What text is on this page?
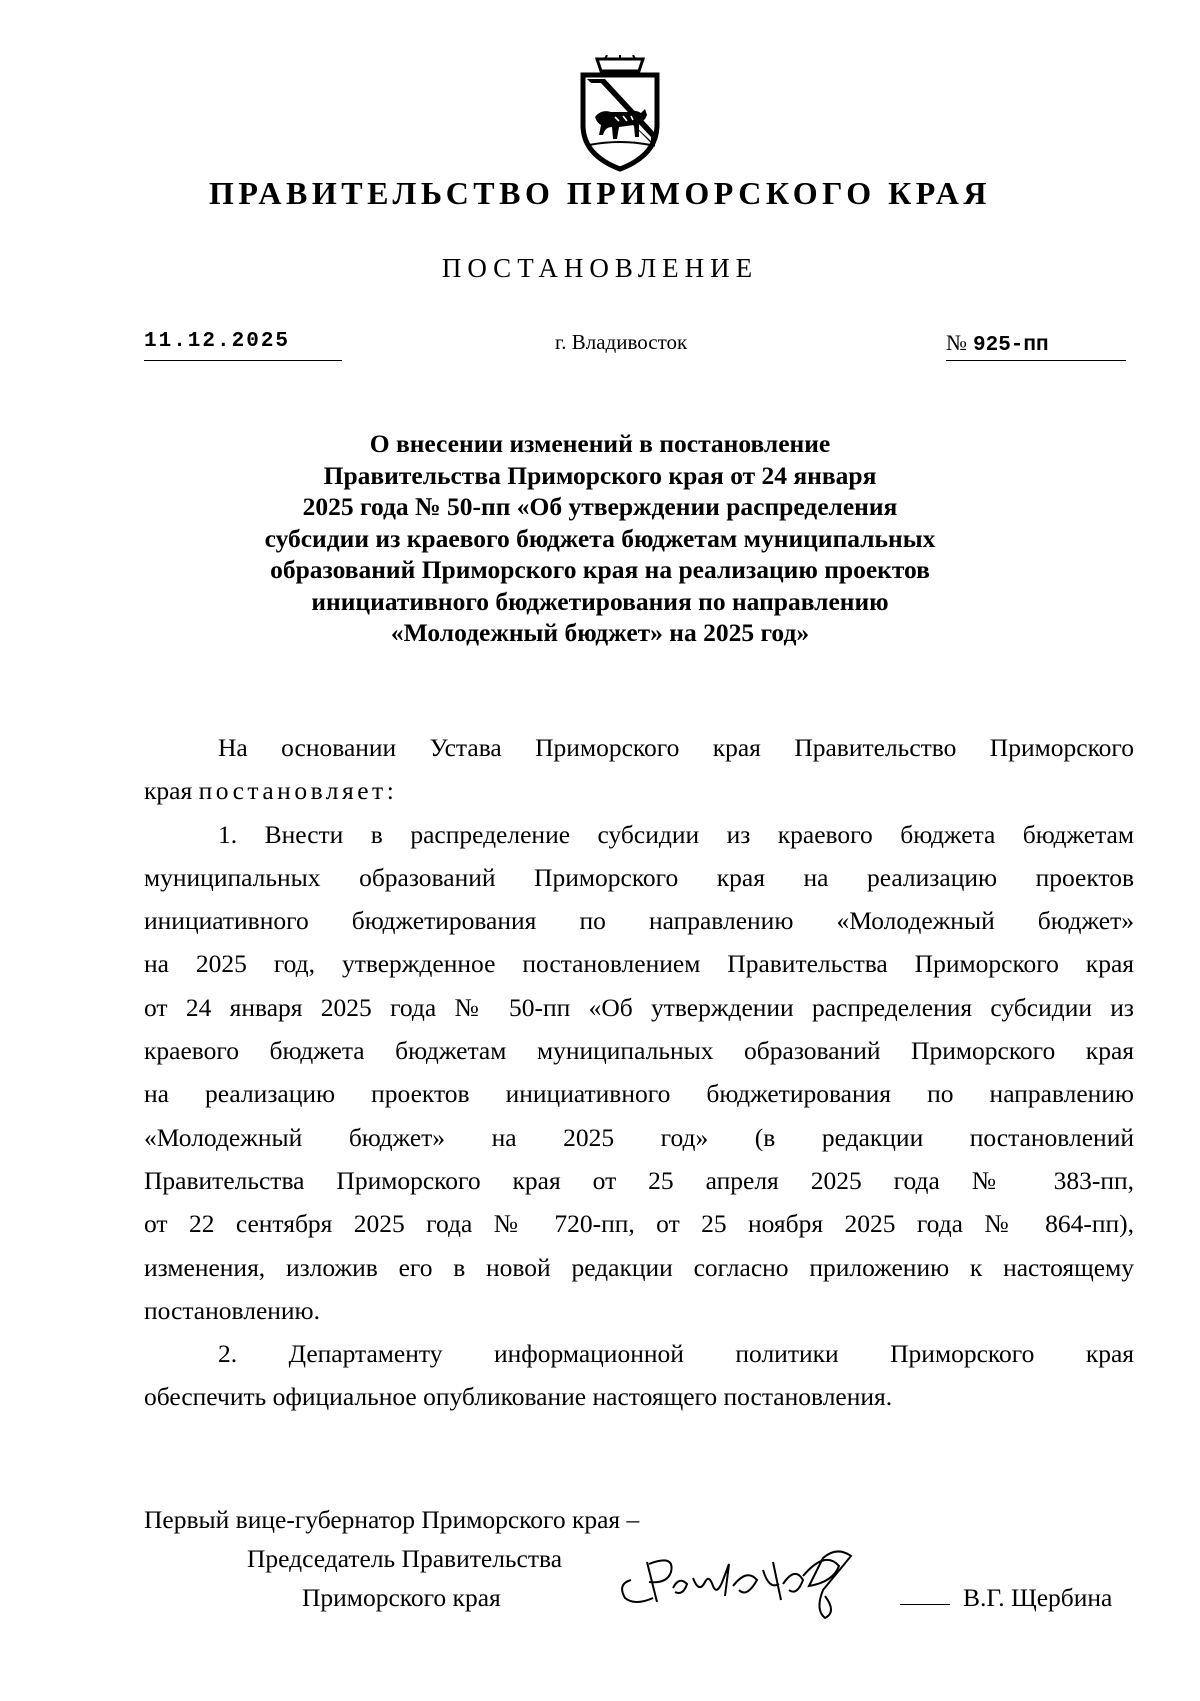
ПРАВИТЕЛЬСТВО ПРИМОРСКОГО КРАЯ
ПОСТАНОВЛЕНИЕ
11.12.2025	г. Владивосток	№ 925-пп
О внесении изменений в постановление
Правительства Приморского края от 24 января
2025 года № 50-пп «Об утверждении распределения
субсидии из краевого бюджета бюджетам муниципальных
образований Приморского края на реализацию проектов
инициативного бюджетирования по направлению
«Молодежный бюджет» на 2025 год»
На основании Устава Приморского края Правительство Приморского
края постановляет:
1. Внести в распределение субсидии из краевого бюджета бюджетам
муниципальных образований Приморского края на реализацию проектов
инициативного бюджетирования по направлению «Молодежный бюджет»
на 2025 год, утвержденное постановлением Правительства Приморского края
от 24 января 2025 года № 50-пп «Об утверждении распределения субсидии из
краевого бюджета бюджетам муниципальных образований Приморского края
на реализацию проектов инициативного бюджетирования по направлению
«Молодежный бюджет» на 2025 год» (в редакции постановлений
Правительства Приморского края от 25 апреля 2025 года № 383-пп,
от 22 сентября 2025 года № 720-пп, от 25 ноября 2025 года № 864-пп),
изменения, изложив его в новой редакции согласно приложению к настоящему
постановлению.
2. Департаменту информационной политики Приморского края
обеспечить официальное опубликование настоящего постановления.
Первый вице-губернатор Приморского края –
Председатель Правительства
Приморского края	В.Г. Щербина
